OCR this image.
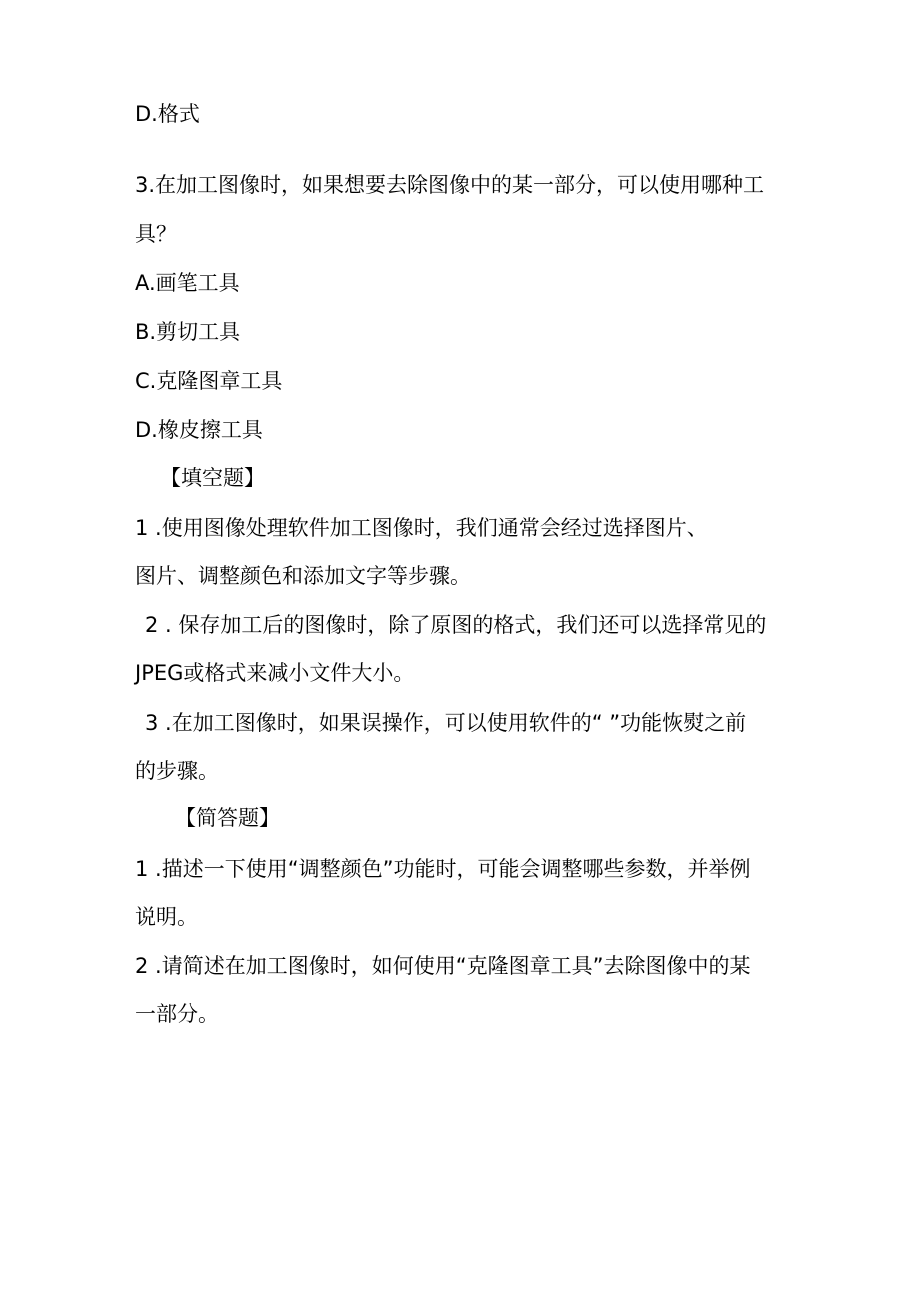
D.格式
3.在加工图像时，如果想要去除图像中的某一部分，可以使用哪种工
具？
A.画笔工具
B.剪切工具
C.克隆图章工具
D.橡皮擦工具
【填空题】
1 .使用图像处理软件加工图像时，我们通常会经过选择图片、
图片、调整颜色和添加文字等步骤。
2 . 保存加工后的图像时，除了原图的格式，我们还可以选择常见的
JPEG或格式来减小文件大小。
3 .在加工图像时，如果误操作，可以使用软件的“ ”功能恢熨之前
的步骤。
【简答题】
1 .描述一下使用“调整颜色”功能时，可能会调整哪些参数，并举例
说明。
2 .请简述在加工图像时，如何使用“克隆图章工具”去除图像中的某
一部分。
